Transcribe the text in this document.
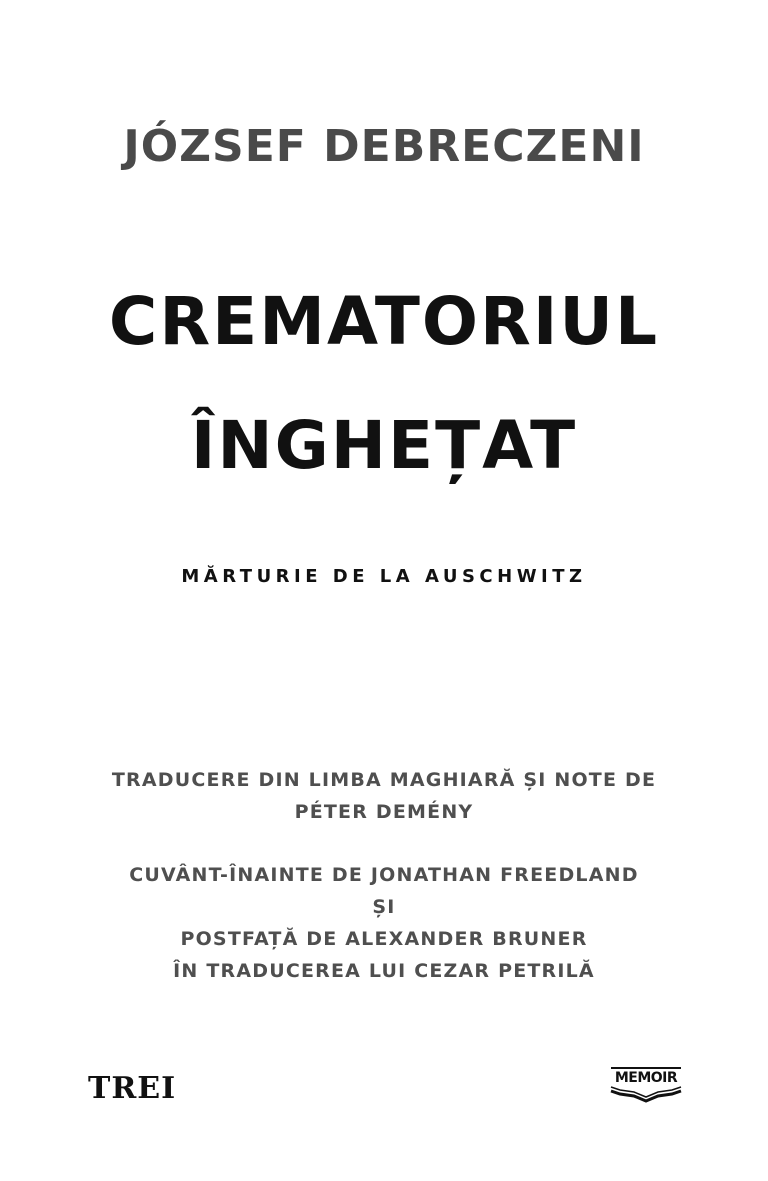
JÓZSEF DEBRECZENI
CREMATORIUL
ÎNGHEȚAT
MĂRTURIE DE LA AUSCHWITZ
TRADUCERE DIN LIMBA MAGHIARĂ ȘI NOTE DE
PÉTER DEMÉNY
CUVÂNT-ÎNAINTE DE JONATHAN FREEDLAND
ȘI
POSTFAȚĂ DE ALEXANDER BRUNER
ÎN TRADUCEREA LUI CEZAR PETRILĂ
TREI	MEMOIR
